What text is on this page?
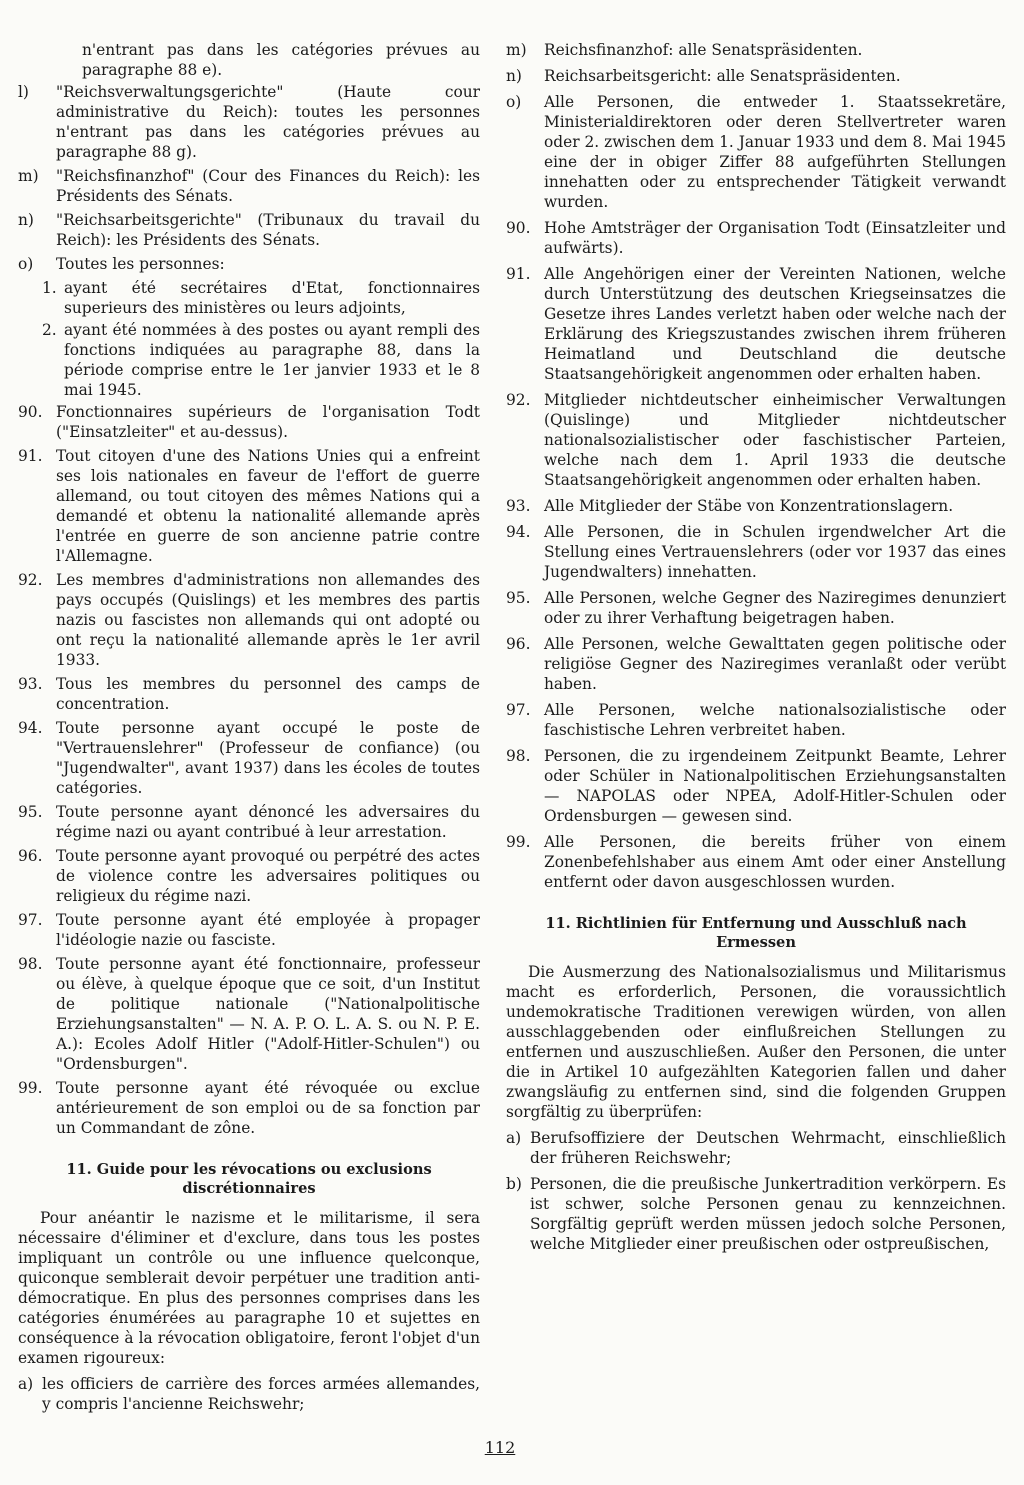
n'entrant pas dans les catégories prévues au paragraphe 88 e).
l)	"Reichsverwaltungsgerichte" (Haute cour administrative du Reich): toutes les personnes n'entrant pas dans les catégories prévues au paragraphe 88 g).
m)	"Reichsfinanzhof" (Cour des Finances du Reich): les Présidents des Sénats.
n)	"Reichsarbeitsgerichte" (Tribunaux du travail du Reich): les Présidents des Sénats.
o)	Toutes les personnes:
1. ayant été secrétaires d'Etat, fonctionnaires superieurs des ministères ou leurs adjoints,
2. ayant été nommées à des postes ou ayant rempli des fonctions indiquées au paragraphe 88, dans la période comprise entre le 1er janvier 1933 et le 8 mai 1945.
90. Fonctionnaires supérieurs de l'organisation Todt ("Einsatzleiter" et au-dessus).
91. Tout citoyen d'une des Nations Unies qui a enfreint ses lois nationales en faveur de l'effort de guerre allemand, ou tout citoyen des mêmes Nations qui a demandé et obtenu la nationalité allemande après l'entrée en guerre de son ancienne patrie contre l'Allemagne.
92. Les membres d'administrations non allemandes des pays occupés (Quislings) et les membres des partis nazis ou fascistes non allemands qui ont adopté ou ont reçu la nationalité allemande après le 1er avril 1933.
93. Tous les membres du personnel des camps de concentration.
94. Toute personne ayant occupé le poste de "Vertrauenslehrer" (Professeur de confiance) (ou "Jugendwalter", avant 1937) dans les écoles de toutes catégories.
95. Toute personne ayant dénoncé les adversaires du régime nazi ou ayant contribué à leur arrestation.
96. Toute personne ayant provoqué ou perpétré des actes de violence contre les adversaires politiques ou religieux du régime nazi.
97. Toute personne ayant été employée à propager l'idéologie nazie ou fasciste.
98. Toute personne ayant été fonctionnaire, professeur ou élève, à quelque époque que ce soit, d'un Institut de politique nationale ("Nationalpolitische Erziehungsanstalten" — N. A. P. O. L. A. S. ou N. P. E. A.): Ecoles Adolf Hitler ("Adolf-Hitler-Schulen") ou "Ordensburgen".
99. Toute personne ayant été révoquée ou exclue antérieurement de son emploi ou de sa fonction par un Commandant de zône.
11. Guide pour les révocations ou exclusions discrétionnaires
Pour anéantir le nazisme et le militarisme, il sera nécessaire d'éliminer et d'exclure, dans tous les postes impliquant un contrôle ou une influence quelconque, quiconque semblerait devoir perpétuer une tradition anti-démocratique. En plus des personnes comprises dans les catégories énumérées au paragraphe 10 et sujettes en conséquence à la révocation obligatoire, feront l'objet d'un examen rigoureux:
a) les officiers de carrière des forces armées allemandes, y compris l'ancienne Reichswehr;
m)	Reichsfinanzhof: alle Senatspräsidenten.
n)	Reichsarbeitsgericht: alle Senatspräsidenten.
o)	Alle Personen, die entweder 1. Staatssekretäre, Ministerialdirektoren oder deren Stellvertreter waren oder 2. zwischen dem 1. Januar 1933 und dem 8. Mai 1945 eine der in obiger Ziffer 88 aufgeführten Stellungen innehatten oder zu entsprechender Tätigkeit verwandt wurden.
90. Hohe Amtsträger der Organisation Todt (Einsatzleiter und aufwärts).
91. Alle Angehörigen einer der Vereinten Nationen, welche durch Unterstützung des deutschen Kriegseinsatzes die Gesetze ihres Landes verletzt haben oder welche nach der Erklärung des Kriegszustandes zwischen ihrem früheren Heimatland und Deutschland die deutsche Staatsangehörigkeit angenommen oder erhalten haben.
92. Mitglieder nichtdeutscher einheimischer Verwaltungen (Quislinge) und Mitglieder nichtdeutscher nationalsozialistischer oder faschistischer Parteien, welche nach dem 1. April 1933 die deutsche Staatsangehörigkeit angenommen oder erhalten haben.
93. Alle Mitglieder der Stäbe von Konzentrationslagern.
94. Alle Personen, die in Schulen irgendwelcher Art die Stellung eines Vertrauenslehrers (oder vor 1937 das eines Jugendwalters) innehatten.
95. Alle Personen, welche Gegner des Naziregimes denunziert oder zu ihrer Verhaftung beigetragen haben.
96. Alle Personen, welche Gewalttaten gegen politische oder religiöse Gegner des Naziregimes veranlaßt oder verübt haben.
97. Alle Personen, welche nationalsozialistische oder faschistische Lehren verbreitet haben.
98. Personen, die zu irgendeinem Zeitpunkt Beamte, Lehrer oder Schüler in Nationalpolitischen Erziehungsanstalten — NAPOLAS oder NPEA, Adolf-Hitler-Schulen oder Ordensburgen — gewesen sind.
99. Alle Personen, die bereits früher von einem Zonenbefehlshaber aus einem Amt oder einer Anstellung entfernt oder davon ausgeschlossen wurden.
11. Richtlinien für Entfernung und Ausschluß nach Ermessen
Die Ausmerzung des Nationalsozialismus und Militarismus macht es erforderlich, Personen, die voraussichtlich undemokratische Traditionen verewigen würden, von allen ausschlaggebenden oder einflußreichen Stellungen zu entfernen und auszuschließen. Außer den Personen, die unter die in Artikel 10 aufgezählten Kategorien fallen und daher zwangsläufig zu entfernen sind, sind die folgenden Gruppen sorgfältig zu überprüfen:
a) Berufsoffiziere der Deutschen Wehrmacht, einschließlich der früheren Reichswehr;
b) Personen, die die preußische Junkertradition verkörpern. Es ist schwer, solche Personen genau zu kennzeichnen. Sorgfältig geprüft werden müssen jedoch solche Personen, welche Mitglieder einer preußischen oder ostpreußischen,
112
